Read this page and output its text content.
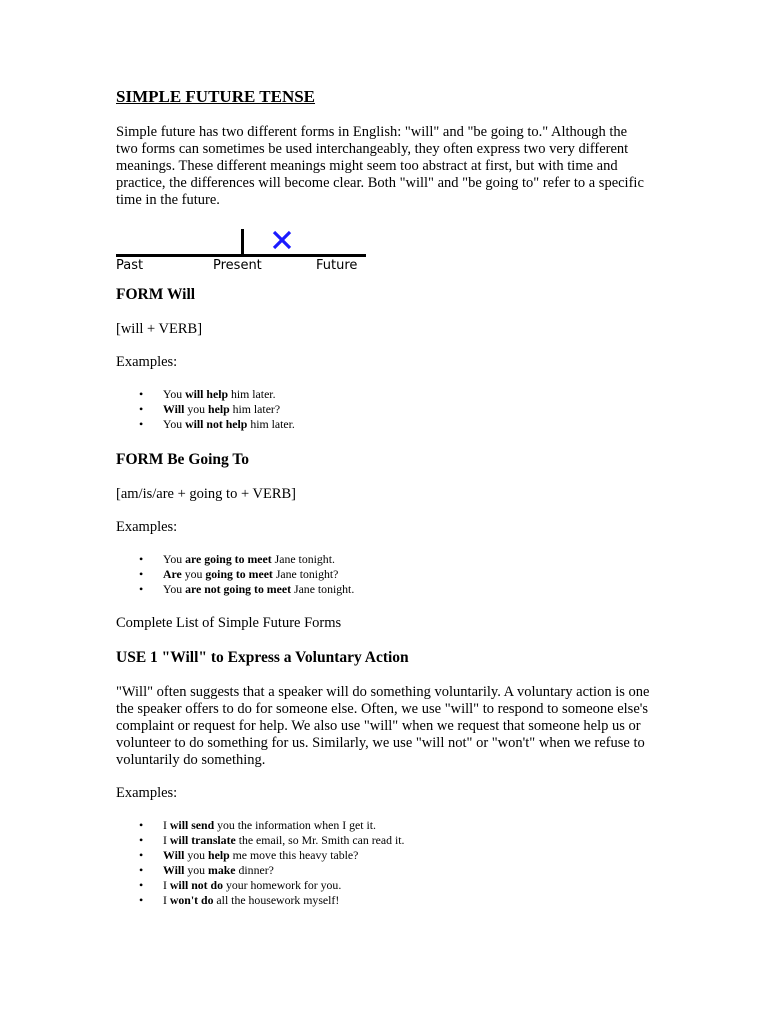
SIMPLE FUTURE TENSE

Simple future has two different forms in English: "will" and "be going to." Although the two forms can sometimes be used interchangeably, they often express two very different meanings. These different meanings might seem too abstract at first, but with time and practice, the differences will become clear. Both "will" and "be going to" refer to a specific time in the future.

Past	Present	Future
FORM Will

[will + VERB]

Examples:

• You will help him later.
• Will you help him later?
• You will not help him later.
FORM Be Going To

[am/is/are + going to + VERB]

Examples:

• You are going to meet Jane tonight.
• Are you going to meet Jane tonight?
• You are not going to meet Jane tonight.

Complete List of Simple Future Forms

USE 1 "Will" to Express a Voluntary Action

"Will" often suggests that a speaker will do something voluntarily. A voluntary action is one the speaker offers to do for someone else. Often, we use "will" to respond to someone else's complaint or request for help. We also use "will" when we request that someone help us or volunteer to do something for us. Similarly, we use "will not" or "won't" when we refuse to voluntarily do something.

Examples:

• I will send you the information when I get it.
• I will translate the email, so Mr. Smith can read it.
• Will you help me move this heavy table?
• Will you make dinner?
• I will not do your homework for you.
• I won't do all the housework myself!
